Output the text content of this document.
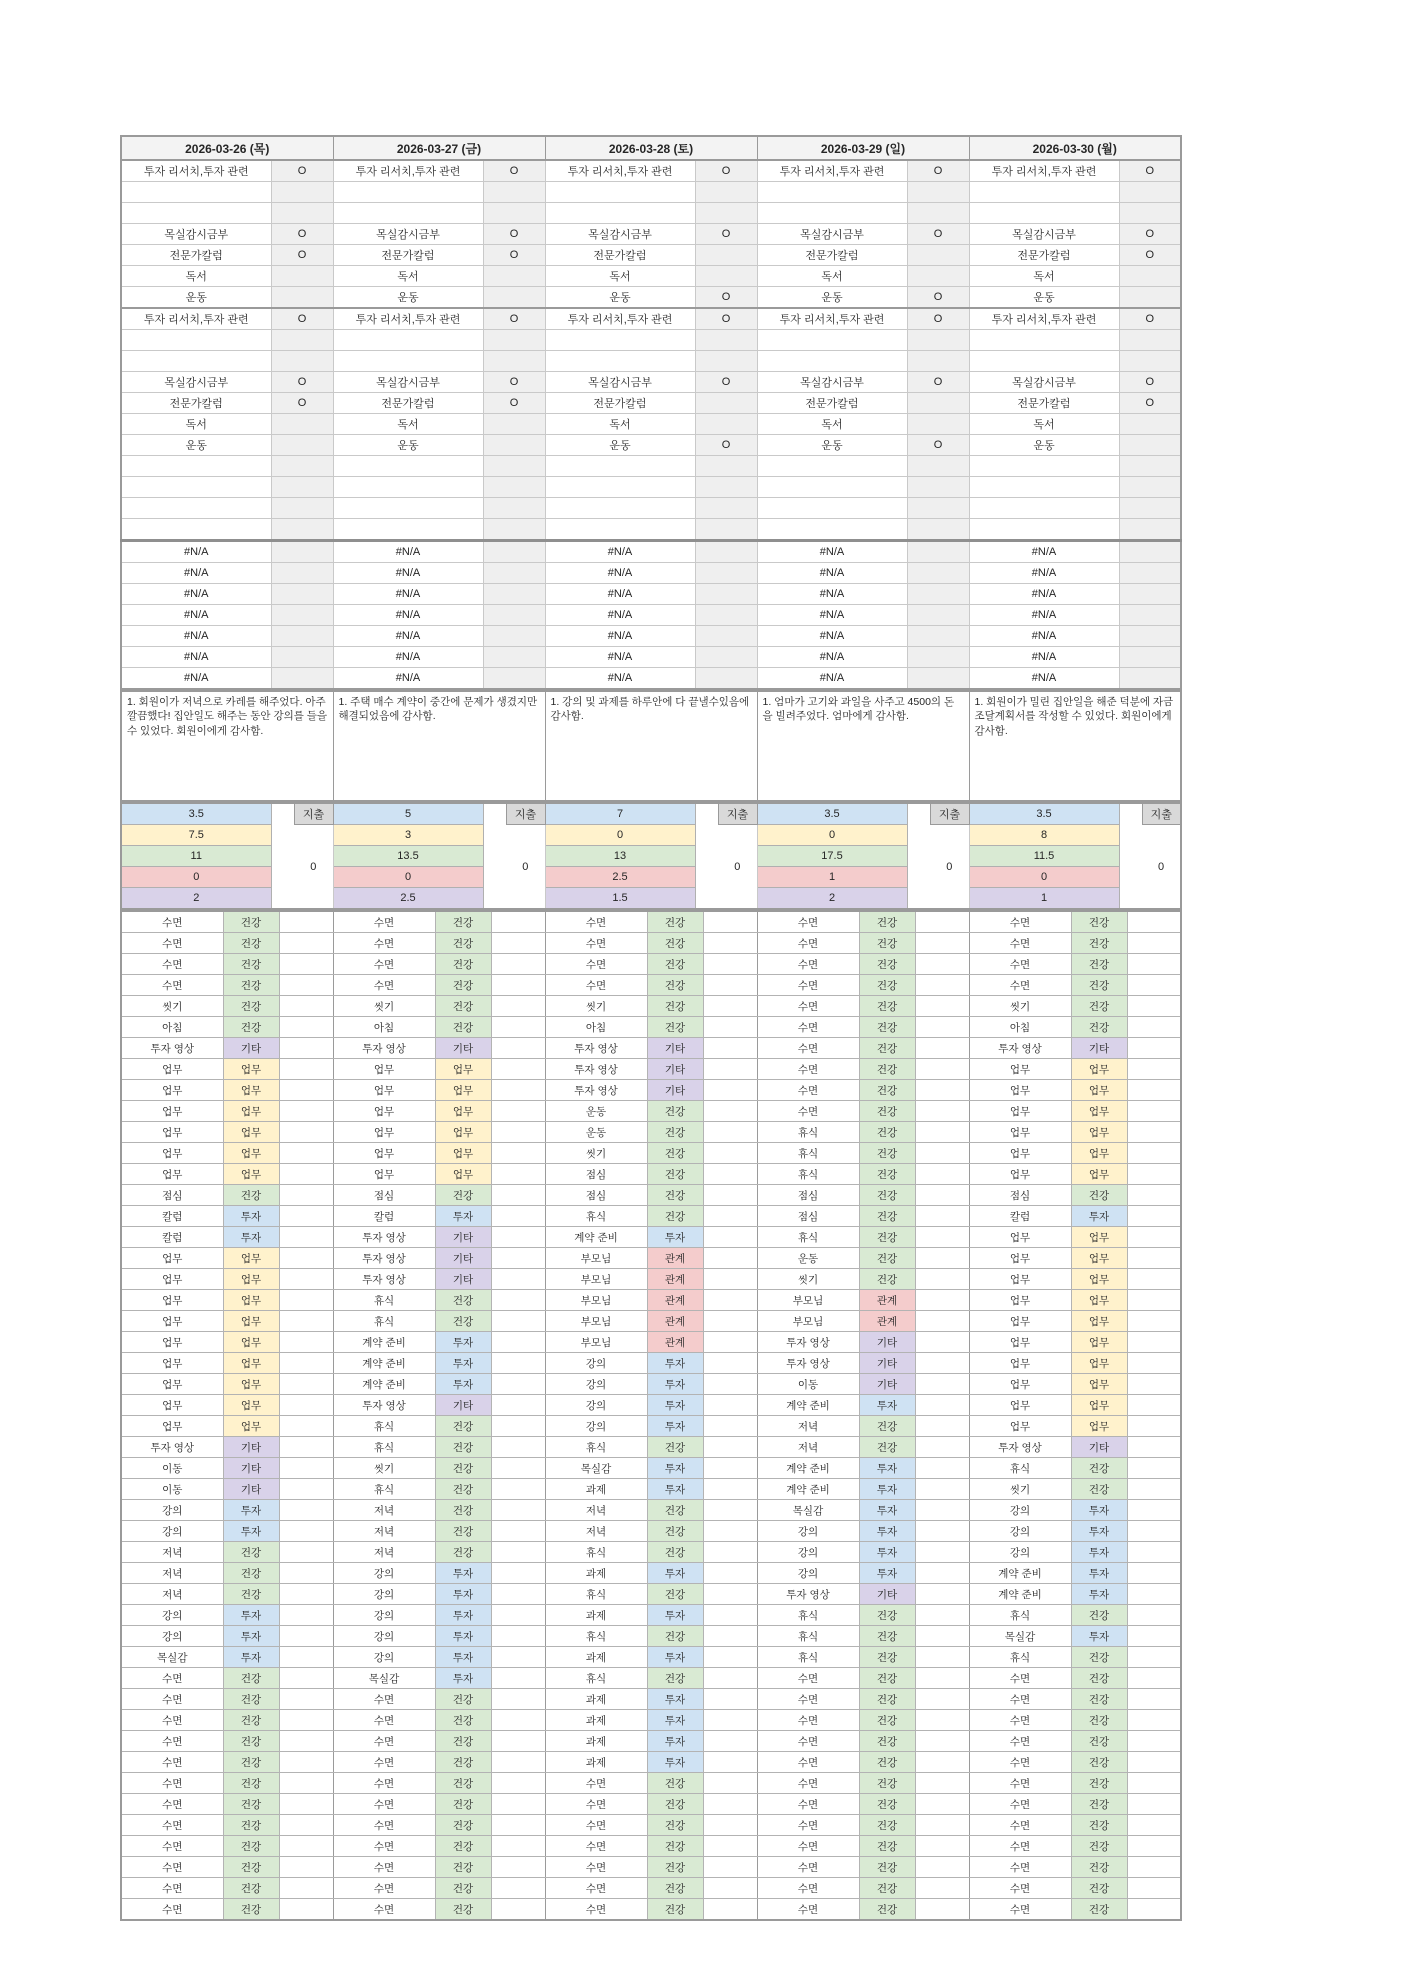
2026-03-26 (목)		2026-03-27 (금)		2026-03-28 (토)		2026-03-29 (일)		2026-03-30 (월)	
투자 리서치,투자 관련	O	투자 리서치,투자 관련	O	투자 리서치,투자 관련	O	투자 리서치,투자 관련	O	투자 리서치,투자 관련	O

목실감시금부	O	목실감시금부	O	목실감시금부	O	목실감시금부	O	목실감시금부	O
전문가칼럼	O	전문가칼럼	O	전문가칼럼		전문가칼럼		전문가칼럼	O
독서		독서		독서		독서		독서	
운동		운동		운동	O	운동	O	운동	
투자 리서치,투자 관련	O	투자 리서치,투자 관련	O	투자 리서치,투자 관련	O	투자 리서치,투자 관련	O	투자 리서치,투자 관련	O

목실감시금부	O	목실감시금부	O	목실감시금부	O	목실감시금부	O	목실감시금부	O
전문가칼럼	O	전문가칼럼	O	전문가칼럼		전문가칼럼		전문가칼럼	O
독서		독서		독서		독서		독서	
운동		운동		운동	O	운동	O	운동	

#N/A		#N/A		#N/A		#N/A		#N/A	
#N/A		#N/A		#N/A		#N/A		#N/A	
#N/A		#N/A		#N/A		#N/A		#N/A	
#N/A		#N/A		#N/A		#N/A		#N/A	
#N/A		#N/A		#N/A		#N/A		#N/A	
#N/A		#N/A		#N/A		#N/A		#N/A	
#N/A		#N/A		#N/A		#N/A		#N/A	
1. 회원이가 저녁으로 카레를 해주었다. 아주 깔끔했다! 집안일도 해주는 동안 강의를 들을 수 있었다. 회원이에게 감사함.	1. 주택 매수 계약이 중간에 문제가 생겼지만 해결되었음에 감사함.	1. 강의 및 과제를 하루안에 다 끝낼수있음에 감사함.	1. 엄마가 고기와 과일을 사주고 4500의 돈을 빌려주었다. 엄마에게 감사함.	1. 회원이가 밀린 집안일을 해준 덕분에 자금조달계획서를 작성할 수 있었다. 회원이에게 감사함.
3.5		지출	5		지출	7		지출	3.5		지출	3.5		지출
7.5		0	3		0	0		0	0		0	8		0
11			13.5			13			17.5			11.5		
0			0			2.5			1			0		
2			2.5			1.5			2			1		
수면	건강		수면	건강		수면	건강		수면	건강		수면	건강	
수면	건강		수면	건강		수면	건강		수면	건강		수면	건강	
수면	건강		수면	건강		수면	건강		수면	건강		수면	건강	
수면	건강		수면	건강		수면	건강		수면	건강		수면	건강	
씻기	건강		씻기	건강		씻기	건강		수면	건강		씻기	건강	
아침	건강		아침	건강		아침	건강		수면	건강		아침	건강	
투자 영상	기타		투자 영상	기타		투자 영상	기타		수면	건강		투자 영상	기타	
업무	업무		업무	업무		투자 영상	기타		수면	건강		업무	업무	
업무	업무		업무	업무		투자 영상	기타		수면	건강		업무	업무	
업무	업무		업무	업무		운동	건강		수면	건강		업무	업무	
업무	업무		업무	업무		운동	건강		휴식	건강		업무	업무	
업무	업무		업무	업무		씻기	건강		휴식	건강		업무	업무	
업무	업무		업무	업무		점심	건강		휴식	건강		업무	업무	
점심	건강		점심	건강		점심	건강		점심	건강		점심	건강	
칼럼	투자		칼럼	투자		휴식	건강		점심	건강		칼럼	투자	
칼럼	투자		투자 영상	기타		계약 준비	투자		휴식	건강		업무	업무	
업무	업무		투자 영상	기타		부모님	관계		운동	건강		업무	업무	
업무	업무		투자 영상	기타		부모님	관계		씻기	건강		업무	업무	
업무	업무		휴식	건강		부모님	관계		부모님	관계		업무	업무	
업무	업무		휴식	건강		부모님	관계		부모님	관계		업무	업무	
업무	업무		계약 준비	투자		부모님	관계		투자 영상	기타		업무	업무	
업무	업무		계약 준비	투자		강의	투자		투자 영상	기타		업무	업무	
업무	업무		계약 준비	투자		강의	투자		이동	기타		업무	업무	
업무	업무		투자 영상	기타		강의	투자		계약 준비	투자		업무	업무	
업무	업무		휴식	건강		강의	투자		저녁	건강		업무	업무	
투자 영상	기타		휴식	건강		휴식	건강		저녁	건강		투자 영상	기타	
이동	기타		씻기	건강		목실감	투자		계약 준비	투자		휴식	건강	
이동	기타		휴식	건강		과제	투자		계약 준비	투자		씻기	건강	
강의	투자		저녁	건강		저녁	건강		목실감	투자		강의	투자	
강의	투자		저녁	건강		저녁	건강		강의	투자		강의	투자	
저녁	건강		저녁	건강		휴식	건강		강의	투자		강의	투자	
저녁	건강		강의	투자		과제	투자		강의	투자		계약 준비	투자	
저녁	건강		강의	투자		휴식	건강		투자 영상	기타		계약 준비	투자	
강의	투자		강의	투자		과제	투자		휴식	건강		휴식	건강	
강의	투자		강의	투자		휴식	건강		휴식	건강		목실감	투자	
목실감	투자		강의	투자		과제	투자		휴식	건강		휴식	건강	
수면	건강		목실감	투자		휴식	건강		수면	건강		수면	건강	
수면	건강		수면	건강		과제	투자		수면	건강		수면	건강	
수면	건강		수면	건강		과제	투자		수면	건강		수면	건강	
수면	건강		수면	건강		과제	투자		수면	건강		수면	건강	
수면	건강		수면	건강		과제	투자		수면	건강		수면	건강	
수면	건강		수면	건강		수면	건강		수면	건강		수면	건강	
수면	건강		수면	건강		수면	건강		수면	건강		수면	건강	
수면	건강		수면	건강		수면	건강		수면	건강		수면	건강	
수면	건강		수면	건강		수면	건강		수면	건강		수면	건강	
수면	건강		수면	건강		수면	건강		수면	건강		수면	건강	
수면	건강		수면	건강		수면	건강		수면	건강		수면	건강	
수면	건강		수면	건강		수면	건강		수면	건강		수면	건강	
